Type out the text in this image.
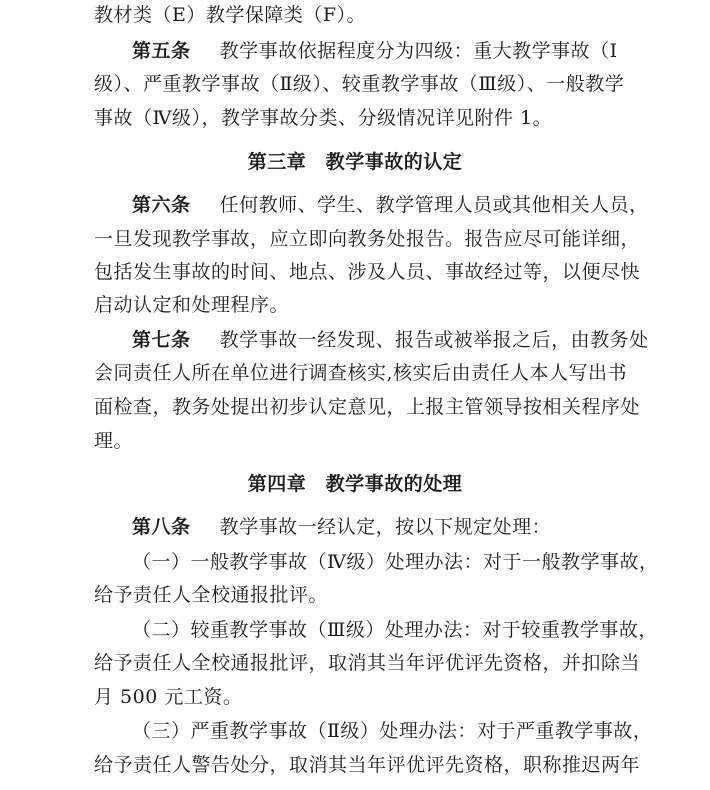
教材类（E）教学保障类（F）。
第五条 教学事故依据程度分为四级：重大教学事故（Ⅰ
级）、严重教学事故（Ⅱ级）、较重教学事故（Ⅲ级）、一般教学
事故（Ⅳ级），教学事故分类、分级情况详见附件 1。
第三章　教学事故的认定
第六条 任何教师、学生、教学管理人员或其他相关人员，
一旦发现教学事故，应立即向教务处报告。报告应尽可能详细，
包括发生事故的时间、地点、涉及人员、事故经过等，以便尽快
启动认定和处理程序。
第七条 教学事故一经发现、报告或被举报之后，由教务处
会同责任人所在单位进行调查核实,核实后由责任人本人写出书
面检查，教务处提出初步认定意见，上报主管领导按相关程序处
理。
第四章　教学事故的处理
第八条 教学事故一经认定，按以下规定处理：
（一）一般教学事故（Ⅳ级）处理办法：对于一般教学事故，
给予责任人全校通报批评。
（二）较重教学事故（Ⅲ级）处理办法：对于较重教学事故，
给予责任人全校通报批评，取消其当年评优评先资格，并扣除当
月 500 元工资。
（三）严重教学事故（Ⅱ级）处理办法：对于严重教学事故，
给予责任人警告处分，取消其当年评优评先资格，职称推迟两年
